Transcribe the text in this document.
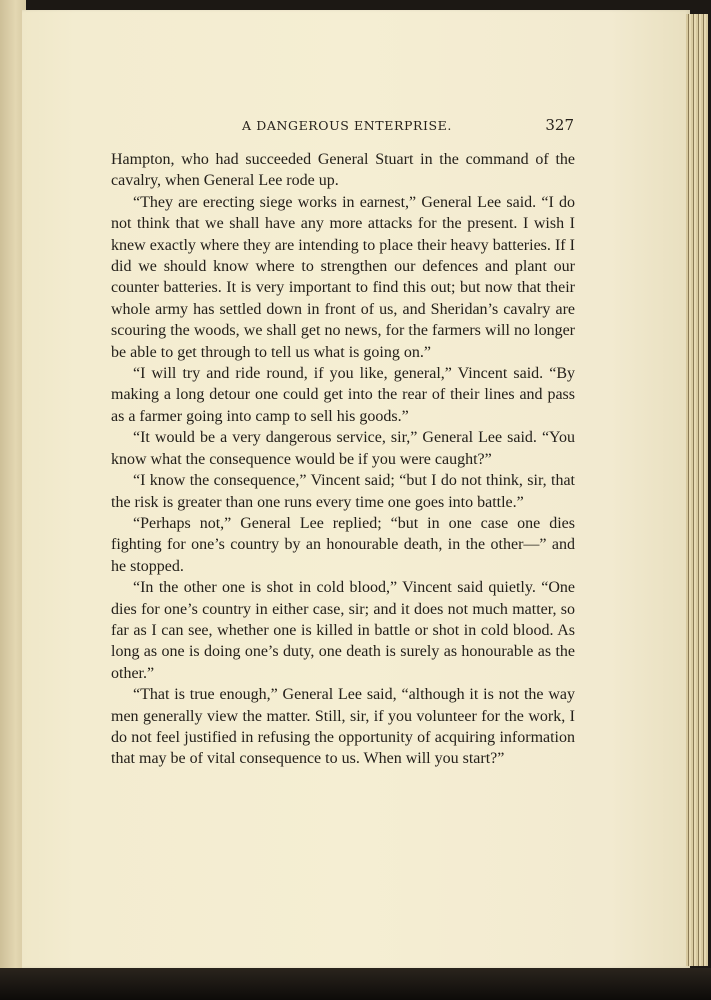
A DANGEROUS ENTERPRISE.	327

Hampton, who had succeeded General Stuart in the command of the cavalry, when General Lee rode up.

“They are erecting siege works in earnest,” General Lee said. “I do not think that we shall have any more attacks for the present. I wish I knew exactly where they are intending to place their heavy batteries. If I did we should know where to strengthen our defences and plant our counter batteries. It is very important to find this out; but now that their whole army has settled down in front of us, and Sheridan’s cavalry are scouring the woods, we shall get no news, for the farmers will no longer be able to get through to tell us what is going on.”

“I will try and ride round, if you like, general,” Vincent said. “By making a long detour one could get into the rear of their lines and pass as a farmer going into camp to sell his goods.”

“It would be a very dangerous service, sir,” General Lee said. “You know what the consequence would be if you were caught?”

“I know the consequence,” Vincent said; “but I do not think, sir, that the risk is greater than one runs every time one goes into battle.”

“Perhaps not,” General Lee replied; “but in one case one dies fighting for one’s country by an honourable death, in the other—” and he stopped.

“In the other one is shot in cold blood,” Vincent said quietly. “One dies for one’s country in either case, sir; and it does not much matter, so far as I can see, whether one is killed in battle or shot in cold blood. As long as one is doing one’s duty, one death is surely as honourable as the other.”

“That is true enough,” General Lee said, “although it is not the way men generally view the matter. Still, sir, if you volunteer for the work, I do not feel justified in refusing the opportunity of acquiring information that may be of vital consequence to us. When will you start?”
